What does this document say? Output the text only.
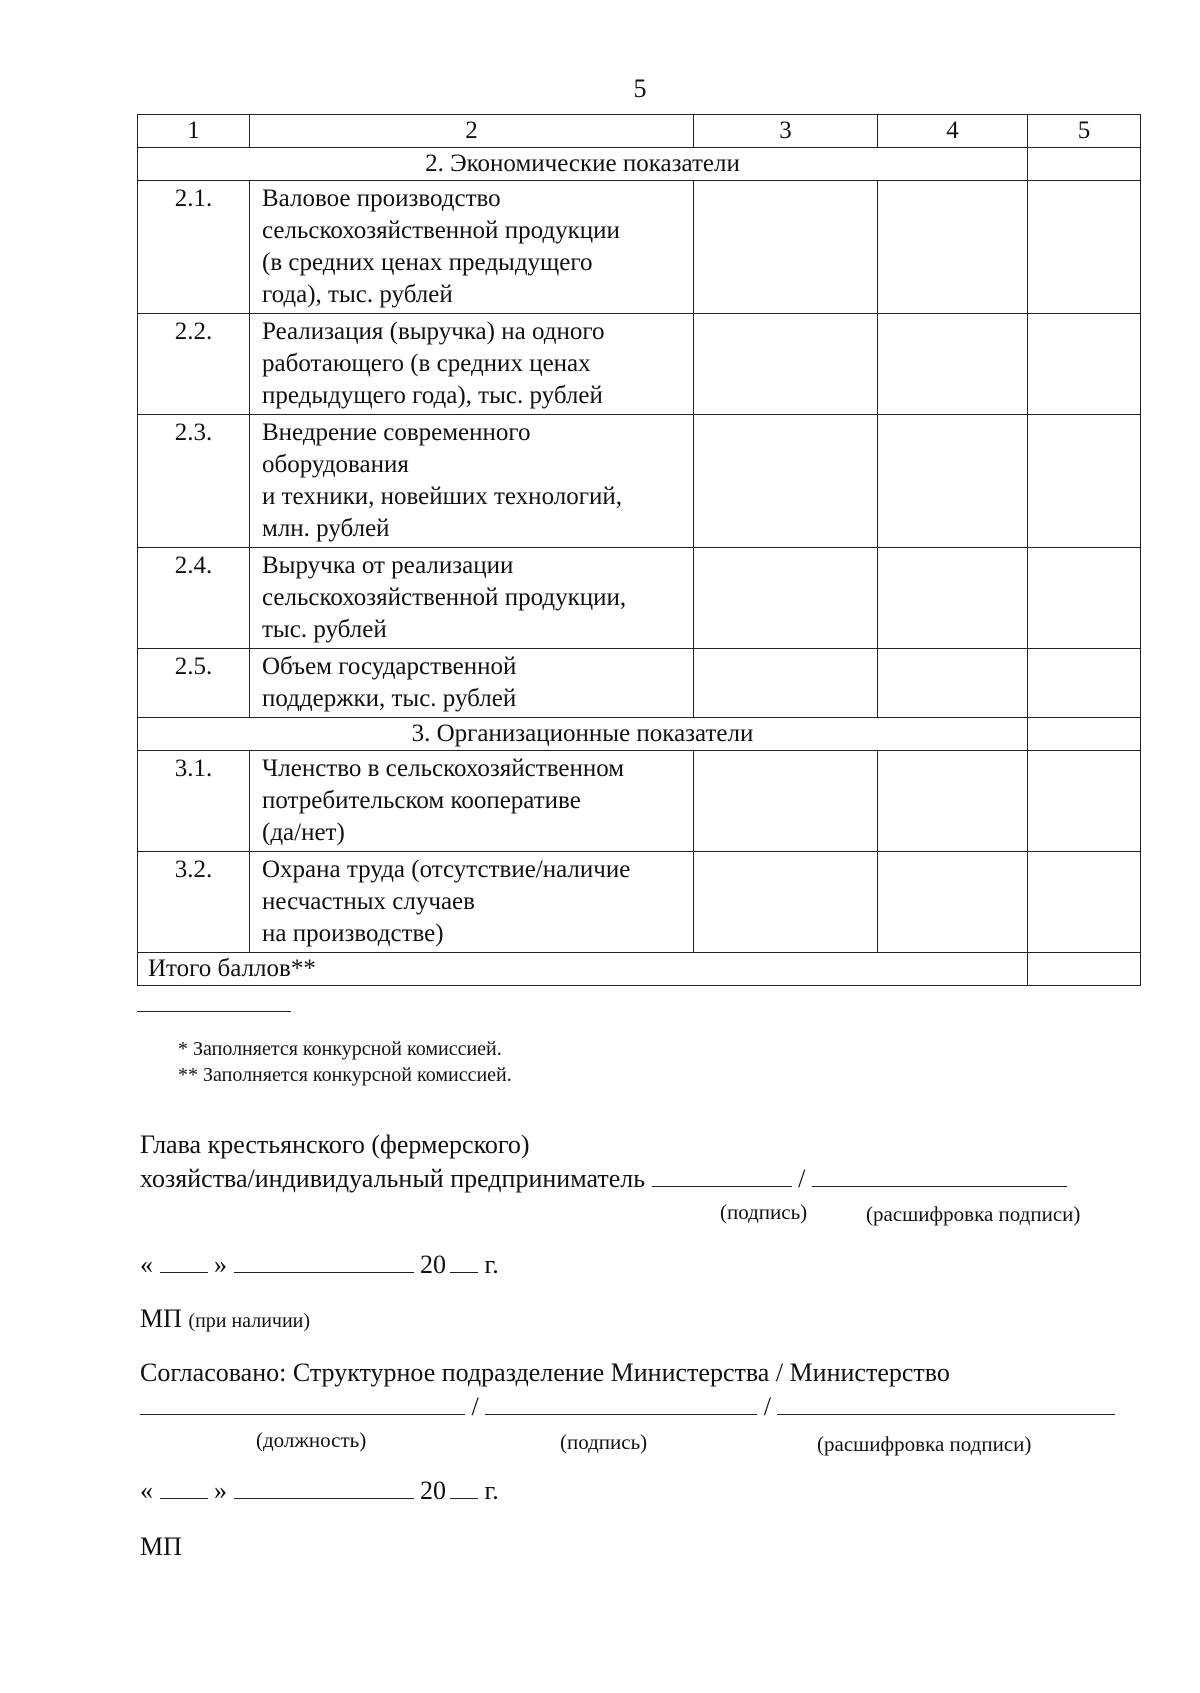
5
1	2	3	4	5
2. Экономические показатели				
2.1.	Валовое производство
сельскохозяйственной продукции
(в средних ценах предыдущего
года), тыс. рублей			

2.2.	Реализация (выручка) на одного
работающего (в средних ценах
предыдущего года), тыс. рублей			

2.3.	Внедрение современного
оборудования
и техники, новейших технологий,
млн. рублей			

2.4.	Выручка от реализации
сельскохозяйственной продукции,
тыс. рублей			

2.5.	Объем государственной
поддержки, тыс. рублей			

3. Организационные показатели				
3.1.	Членство в сельскохозяйственном
потребительском кооперативе
(да/нет)			

3.2.	Охрана труда (отсутствие/наличие
несчастных случаев
на производстве)			

Итого баллов**				
* Заполняется конкурсной комиссией.
** Заполняется конкурсной комиссией.
Глава крестьянского (фермерского)
хозяйства/индивидуальный предприниматель	/
(подпись)	(расшифровка подписи)
« »	20 г.
МП (при наличии)
Согласовано: Структурное подразделение Министерства / Министерство
/	/
(должность)	(подпись)	(расшифровка подписи)
« »	20 г.
МП
